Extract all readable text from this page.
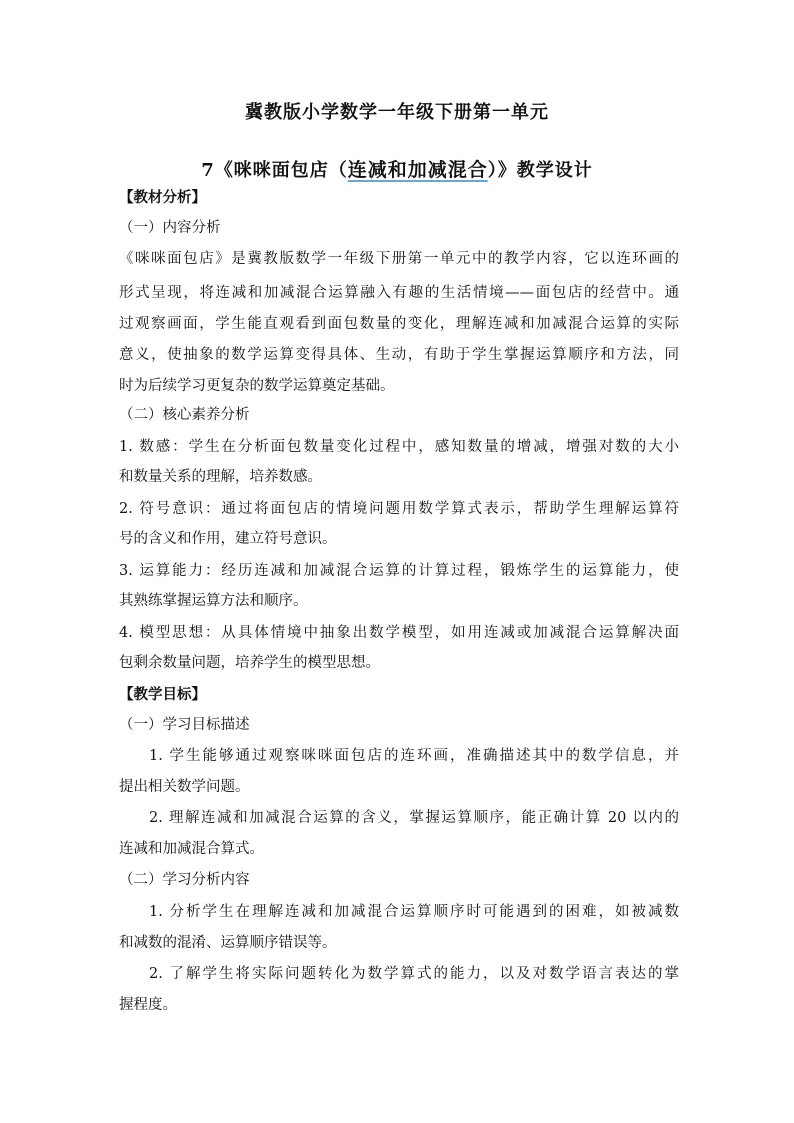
冀教版小学数学一年级下册第一单元
7《咪咪面包店（连减和加减混合）》教学设计
【教材分析】
（一）内容分析
《咪咪面包店》是冀教版数学一年级下册第一单元中的教学内容，它以连环画的
形式呈现，将连减和加减混合运算融入有趣的生活情境——面包店的经营中。通
过观察画面，学生能直观看到面包数量的变化，理解连减和加减混合运算的实际
意义，使抽象的数学运算变得具体、生动，有助于学生掌握运算顺序和方法，同
时为后续学习更复杂的数学运算奠定基础。
（二）核心素养分析
1. 数感：学生在分析面包数量变化过程中，感知数量的增减，增强对数的大小
和数量关系的理解，培养数感。
2. 符号意识：通过将面包店的情境问题用数学算式表示，帮助学生理解运算符
号的含义和作用，建立符号意识。
3. 运算能力：经历连减和加减混合运算的计算过程，锻炼学生的运算能力，使
其熟练掌握运算方法和顺序。
4. 模型思想：从具体情境中抽象出数学模型，如用连减或加减混合运算解决面
包剩余数量问题，培养学生的模型思想。
【教学目标】
（一）学习目标描述
1. 学生能够通过观察咪咪面包店的连环画，准确描述其中的数学信息，并
提出相关数学问题。
2. 理解连减和加减混合运算的含义，掌握运算顺序，能正确计算 20 以内的
连减和加减混合算式。
（二）学习分析内容
1. 分析学生在理解连减和加减混合运算顺序时可能遇到的困难，如被减数
和减数的混淆、运算顺序错误等。
2. 了解学生将实际问题转化为数学算式的能力，以及对数学语言表达的掌
握程度。
